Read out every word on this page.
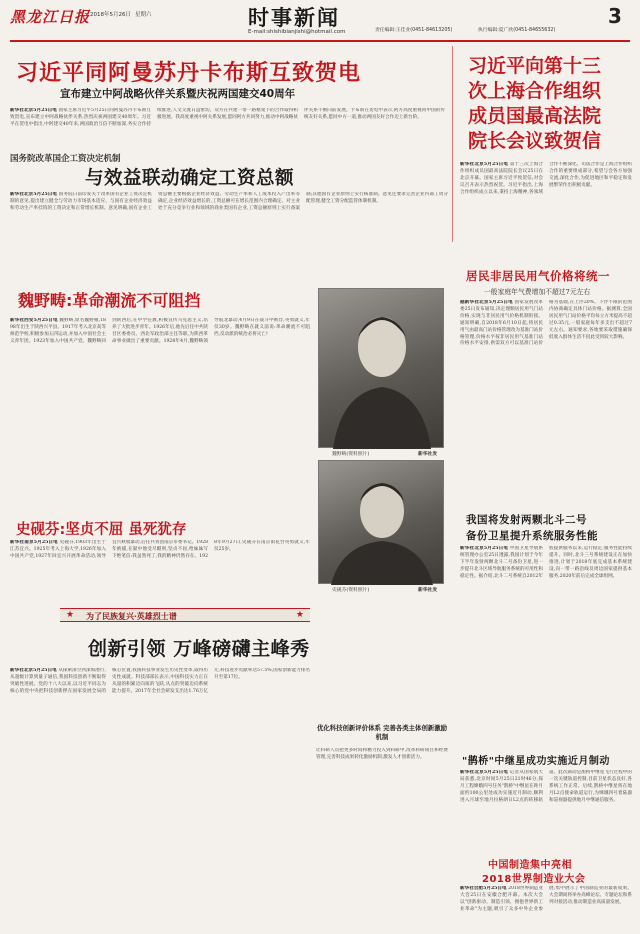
黑龙江日报 2018年5月26日 星期六	时事新闻
E-mail:shishibianjishi@hotmail.com	责任编辑:王佳业(0451-84613205)	执行编辑:夏广欣(0451-84655632)
3
习近平同阿曼苏丹卡布斯互致贺电
宣布建立中阿战略伙伴关系暨庆祝两国建交40周年
新华社北京5月25日电 国家主席习近平5月25日同阿曼苏丹卡布斯互致贺电,宣布建立中阿战略伙伴关系,热烈庆祝两国建交40周年。习近平在贺电中指出,中阿建交40年来,两国政治互信不断加深,务实合作持续推进,人文交流日益密切。双方在共建一带一路框架下的合作取得积极进展。我高度重视中阿关系发展,愿同阿方共同努力,推动中阿战略伙伴关系不断向前发展。卡布斯在贺电中表示,阿方高度重视同中国的传统友好关系,愿同中方一道,推动两国友好合作迈上新台阶。
习近平向第十三
次上海合作组织
成员国最高法院
院长会议致贺信
新华社北京5月25日电 第十三次上海合作组织成员国最高法院院长会议25日在北京开幕。国家主席习近平致贺信,对会议召开表示热烈祝贺。习近平指出,上海合作组织成立以来,秉持上海精神,各领域合作不断深化。司法合作是上海合作组织合作的重要组成部分,希望与会各方加强交流,深化合作,为促进地区和平稳定和发展繁荣作出积极贡献。
国务院改革国企工资决定机制
与效益联动确定工资总额
新华社北京5月25日电 国务院日前印发关于改革国有企业工资决定机制的意见,提出建立健全与劳动力市场基本适应、与国有企业经济效益和劳动生产率挂钩的工资决定和正常增长机制。意见明确,国有企业工资总额主要根据企业经济效益、劳动生产率和人工成本投入产出率等确定,企业经济效益增长的,工资总额可在增长范围内合理确定。对主业处于充分竞争行业和领域的商业类国有企业,工资总额原则上实行备案制;其他国有企业原则上实行核准制。意见还要求完善企业内部工资分配管理,健全工资分配监管体制机制。
居民非居民用气价格将统一
一般家庭年气费增加不超过7元左右
据新华社北京5月25日电 国家发展改革委25日发布通知,决定理顺居民用气门站价格,实现与非居民用气价格机制衔接。通知明确,自2018年6月10日起,将居民用气由最高门站价格管理改为基准门站价格管理,价格水平按非居民用气基准门站价格水平安排,供需双方可以基准门站价格为基础,在上浮20%、下浮不限的范围内协商确定具体门站价格。据测算,全国居民用气门站价格平均每立方米提高不超过0.35元,一般家庭每年多支出不超过7元左右。通知要求,各地要采取措施确保低收入群体生活不因此受到较大影响。
魏野畴:革命潮流不可阻挡
新华社西安5月25日电 魏野畴,原名魏野雁,1898年出生于陕西兴平县。1917年考入北京高等师范学校,积极参加五四运动,并加入中国社会主义青年团。1923年加入中国共产党。魏野畴回到陕西后,在中学任教,积极宣传马克思主义,培养了大批进步青年。1926年后,他先后任中共陕甘区委委员、西北军政治部主任等职,为陕西革命事业做出了重要贡献。1928年4月,魏野畴领导皖北暴动,4月9日在战斗中被俘,英勇就义,年仅30岁。魏野畴在就义前说:革命潮流不可阻挡,反动派的统治必将灭亡!
魏野畴(资料照片)	新华社发
史砚芬(资料照片)	新华社发
史砚芬:坚贞不屈 虽死犹存
新华社南京5月25日电 史砚芬,1903年出生于江苏宜兴。1925年考入上海大学,1926年加入中国共产党,1927年回宜兴开展革命活动,领导宜兴秋收暴动,后任共青团南京市委书记。1928年被捕,在狱中他受尽酷刑,坚贞不屈,给妹妹写下绝笔信:我虽然死了,我的精神仍然存在。1928年9月27日,史砚芬在南京雨花台英勇就义,年仅25岁。
★ 为了民族复兴·英雄烈士谱	★
我国将发射两颗北斗二号
备份卫星提升系统服务性能
新华社北京5月25日电 中国卫星导航系统管理办公室25日透露,我国计划于今年下半年发射两颗北斗二号备份卫星,进一步提升北斗区域导航服务系统的可用性和稳定性。据介绍,北斗二号系统自2012年底提供服务以来,运行稳定,服务性能持续提升。同时,北斗三号系统建设正在加快推进,计划于2018年底完成基本系统建设,向一带一路沿线及周边国家提供基本服务,2020年前后完成全球组网。
创新引领 万峰磅礴主峰秀
新华社北京5月25日电 从探索深空到深海潜行,从超级计算到量子通信,我国科技创新不断取得突破性进展。党的十八大以来,以习近平同志为核心的党中央把科技创新摆在国家发展全局的核心位置,我国科技事业发生历史性变革,取得历史性成就。科技部部长表示,中国科技实力正在从量的积累迈向质的飞跃,从点的突破迈向系统能力提升。2017年全社会研发支出达1.76万亿元,科技进步贡献率达57.5%,国家创新能力排名升至第17位。
优化科技创新评价体系 完善各类主体创新激励机制
让科研人员把更多时间和精力投入到科研中,改革科研项目和经费管理,完善科技成果转化激励机制,激发人才创新活力。	"鹊桥"中继星成功实施近月制动
新华社北京5月25日电 记者从国家航天局获悉,北京时间5月25日21时46分,探月工程嫦娥四号任务"鹊桥"中继星在距月面约100公里处成功实施近月制动,顺利进入月球至地月拉格朗日L2点的转移轨道。此次制动是鹊桥中继星飞行过程中的一次关键轨道控制,目前卫星状态良好,各系统工作正常。后续,鹊桥中继星将在地月L2点使命轨道运行,为嫦娥四号着陆器和巡视器提供地月中继通信服务。
中国制造集中亮相
2018世界制造业大会
新华社合肥5月25日电 2018世界制造业大会25日在安徽合肥开幕。本次大会以"创新驱动、制造引领、拥抱世界新工业革命"为主题,吸引了众多中外企业参展,集中展示了中国制造业的最新成果。大会期间将举办高峰论坛、专题论坛和系列对接活动,推动制造业高质量发展。
